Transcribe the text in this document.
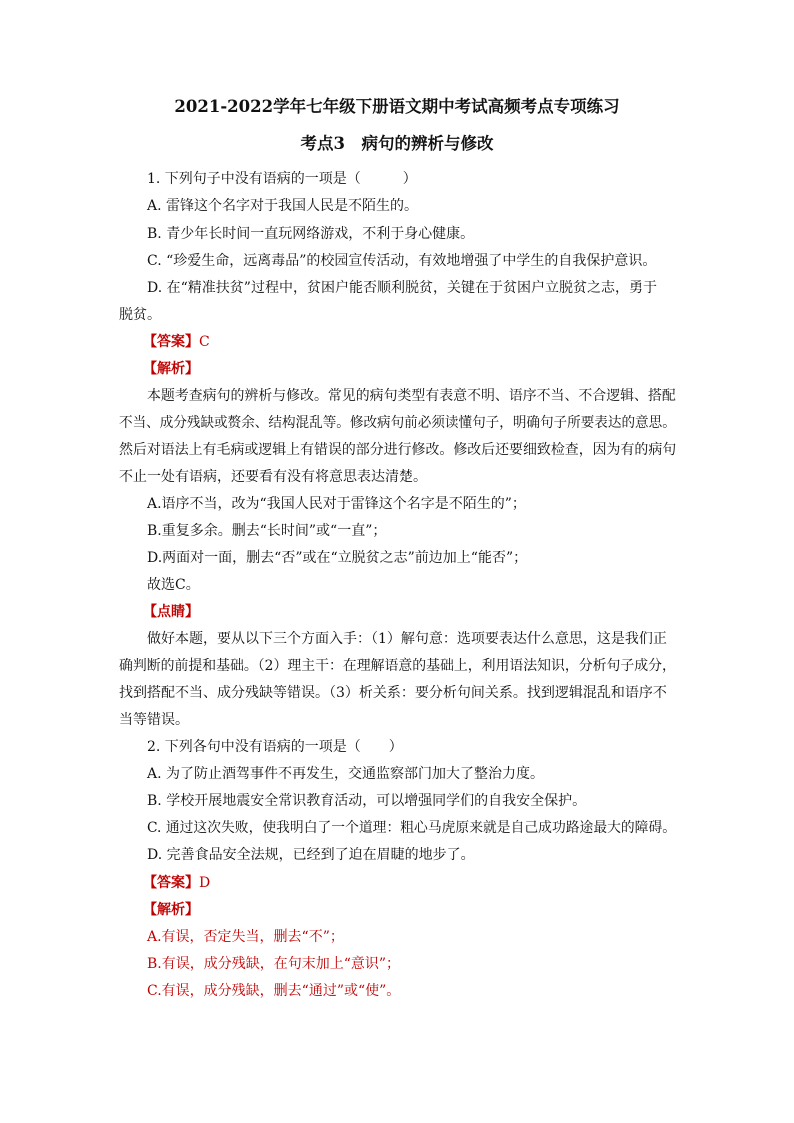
2021-2022学年七年级下册语文期中考试高频考点专项练习
考点3　病句的辨析与修改
1. 下列句子中没有语病的一项是（　　　）
A. 雷锋这个名字对于我国人民是不陌生的。
B. 青少年长时间一直玩网络游戏，不利于身心健康。
C. “珍爱生命，远离毒品”的校园宣传活动，有效地增强了中学生的自我保护意识。
D. 在“精准扶贫”过程中，贫困户能否顺利脱贫，关键在于贫困户立脱贫之志，勇于
脱贫。
【答案】C
【解析】
本题考查病句的辨析与修改。常见的病句类型有表意不明、语序不当、不合逻辑、搭配
不当、成分残缺或赘余、结构混乱等。修改病句前必须读懂句子，明确句子所要表达的意思。
然后对语法上有毛病或逻辑上有错误的部分进行修改。修改后还要细致检查，因为有的病句
不止一处有语病，还要看有没有将意思表达清楚。
A.语序不当，改为“我国人民对于雷锋这个名字是不陌生的”；
B.重复多余。删去“长时间”或“一直”；
D.两面对一面，删去“否”或在“立脱贫之志”前边加上“能否”；
故选C。
【点睛】
做好本题，要从以下三个方面入手：（1）解句意：选项要表达什么意思，这是我们正
确判断的前提和基础。（2）理主干：在理解语意的基础上，利用语法知识，分析句子成分，
找到搭配不当、成分残缺等错误。（3）析关系：要分析句间关系。找到逻辑混乱和语序不
当等错误。
2. 下列各句中没有语病的一项是（　　）
A. 为了防止酒驾事件不再发生，交通监察部门加大了整治力度。
B. 学校开展地震安全常识教育活动，可以增强同学们的自我安全保护。
C. 通过这次失败，使我明白了一个道理：粗心马虎原来就是自己成功路途最大的障碍。
D. 完善食品安全法规，已经到了迫在眉睫的地步了。
【答案】D
【解析】
A.有误，否定失当，删去“不”；
B.有误，成分残缺，在句末加上“意识”；
C.有误，成分残缺，删去“通过”或“使”。
